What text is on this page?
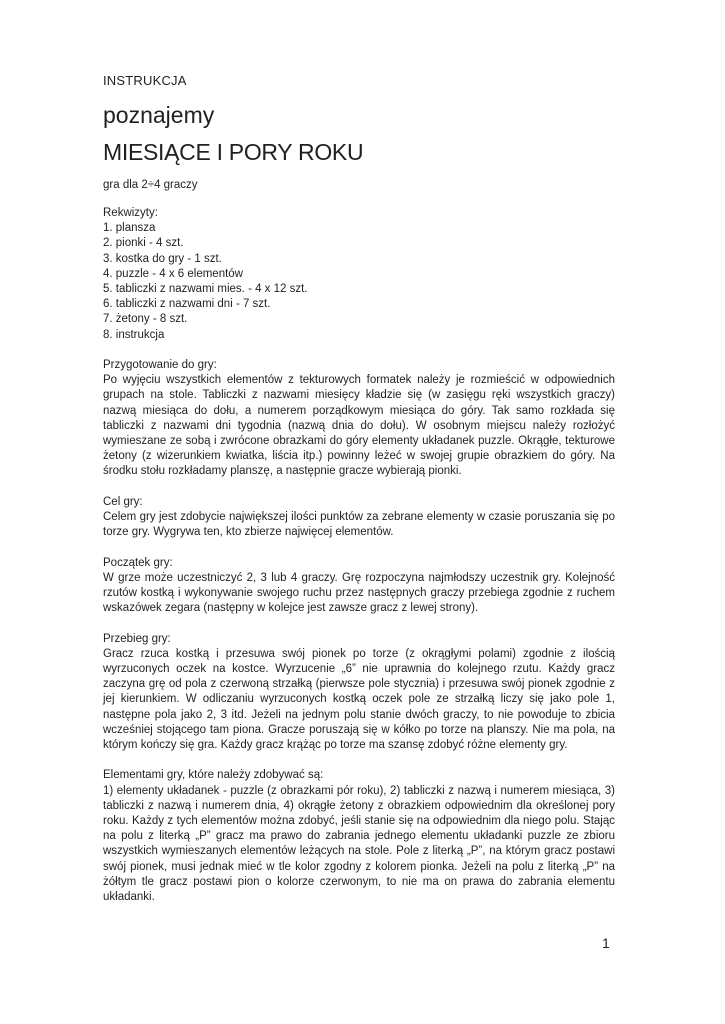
INSTRUKCJA
poznajemy
MIESIĄCE I PORY ROKU
gra dla 2÷4 graczy
Rekwizyty:
1. plansza
2. pionki - 4 szt.
3. kostka do gry - 1 szt.
4. puzzle - 4 x 6 elementów
5. tabliczki z nazwami mies. - 4 x 12 szt.
6. tabliczki z nazwami dni - 7 szt.
7. żetony - 8 szt.
8. instrukcja
Przygotowanie do gry:

Po wyjęciu wszystkich elementów z tekturowych formatek należy je rozmieścić w odpowiednich grupach na stole. Tabliczki z nazwami miesięcy kładzie się (w zasięgu ręki wszystkich graczy) nazwą miesiąca do dołu, a numerem porządkowym miesiąca do góry. Tak samo rozkłada się tabliczki z nazwami dni tygodnia (nazwą dnia do dołu). W osobnym miejscu należy rozłożyć wymieszane ze sobą i zwrócone obrazkami do góry elementy układanek puzzle. Okrągłe, tekturowe żetony (z wizerunkiem kwiatka, liścia itp.) powinny leżeć w swojej grupie obrazkiem do góry. Na środku stołu rozkładamy planszę, a następnie gracze wybierają pionki.

Cel gry:

Celem gry jest zdobycie największej ilości punktów za zebrane elementy w czasie poruszania się po torze gry. Wygrywa ten, kto zbierze najwięcej elementów.

Początek gry:

W grze może uczestniczyć 2, 3 lub 4 graczy. Grę rozpoczyna najmłodszy uczestnik gry. Kolejność rzutów kostką i wykonywanie swojego ruchu przez następnych graczy przebiega zgodnie z ruchem wskazówek zegara (następny w kolejce jest zawsze gracz z lewej strony).

Przebieg gry:

Gracz rzuca kostką i przesuwa swój pionek po torze (z okrągłymi polami) zgodnie z ilością wyrzuconych oczek na kostce. Wyrzucenie „6” nie uprawnia do kolejnego rzutu. Każdy gracz zaczyna grę od pola z czerwoną strzałką (pierwsze pole stycznia) i przesuwa swój pionek zgodnie z jej kierunkiem. W odliczaniu wyrzuconych kostką oczek pole ze strzałką liczy się jako pole 1, następne pola jako 2, 3 itd. Jeżeli na jednym polu stanie dwóch graczy, to nie powoduje to zbicia wcześniej stojącego tam piona. Gracze poruszają się w kółko po torze na planszy. Nie ma pola, na którym kończy się gra. Każdy gracz krążąc po torze ma szansę zdobyć różne elementy gry.

Elementami gry, które należy zdobywać są:

1) elementy układanek - puzzle (z obrazkami pór roku), 2) tabliczki z nazwą i numerem miesiąca, 3) tabliczki z nazwą i numerem dnia, 4) okrągłe żetony z obrazkiem odpowiednim dla określonej pory roku. Każdy z tych elementów można zdobyć, jeśli stanie się na odpowiednim dla niego polu. Stając na polu z literką „P” gracz ma prawo do zabrania jednego elementu układanki puzzle ze zbioru wszystkich wymieszanych elementów leżących na stole. Pole z literką „P”, na którym gracz postawi swój pionek, musi jednak mieć w tle kolor zgodny z kolorem pionka. Jeżeli na polu z literką „P” na żółtym tle gracz postawi pion o kolorze czerwonym, to nie ma on prawa do zabrania elementu układanki.

1
